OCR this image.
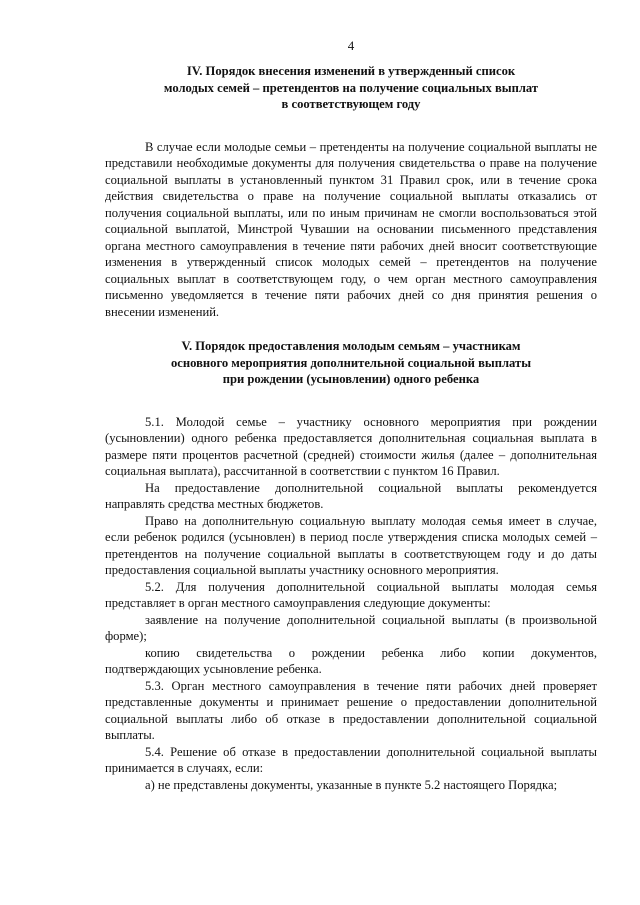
4
IV. Порядок внесения изменений в утвержденный список
молодых семей – претендентов на получение социальных выплат
в соответствующем году
В случае если молодые семьи – претенденты на получение социальной выплаты не представили необходимые документы для получения свидетельства о праве на получение социальной выплаты в установленный пунктом 31 Правил срок, или в течение срока действия свидетельства о праве на получение социальной выплаты отказались от получения социальной выплаты, или по иным причинам не смогли воспользоваться этой социальной выплатой, Минстрой Чувашии на основании письменного представления органа местного самоуправления в течение пяти рабочих дней вносит соответствующие изменения в утвержденный список молодых семей – претендентов на получение социальных выплат в соответствующем году, о чем орган местного самоуправления письменно уведомляется в течение пяти рабочих дней со дня принятия решения о внесении изменений.
V. Порядок предоставления молодым семьям – участникам
основного мероприятия дополнительной социальной выплаты
при рождении (усыновлении) одного ребенка
5.1. Молодой семье – участнику основного мероприятия при рождении (усыновлении) одного ребенка предоставляется дополнительная социальная выплата в размере пяти процентов расчетной (средней) стоимости жилья (далее – дополнительная социальная выплата), рассчитанной в соответствии с пунктом 16 Правил.
На предоставление дополнительной социальной выплаты рекомендуется направлять средства местных бюджетов.
Право на дополнительную социальную выплату молодая семья имеет в случае, если ребенок родился (усыновлен) в период после утверждения списка молодых семей – претендентов на получение социальной выплаты в соответствующем году и до даты предоставления социальной выплаты участнику основного мероприятия.
5.2. Для получения дополнительной социальной выплаты молодая семья представляет в орган местного самоуправления следующие документы:
заявление на получение дополнительной социальной выплаты (в произвольной форме);
копию свидетельства о рождении ребенка либо копии документов, подтверждающих усыновление ребенка.
5.3. Орган местного самоуправления в течение пяти рабочих дней проверяет представленные документы и принимает решение о предоставлении дополнительной социальной выплаты либо об отказе в предоставлении дополнительной социальной выплаты.
5.4. Решение об отказе в предоставлении дополнительной социальной выплаты принимается в случаях, если:
а) не представлены документы, указанные в пункте 5.2 настоящего Порядка;
